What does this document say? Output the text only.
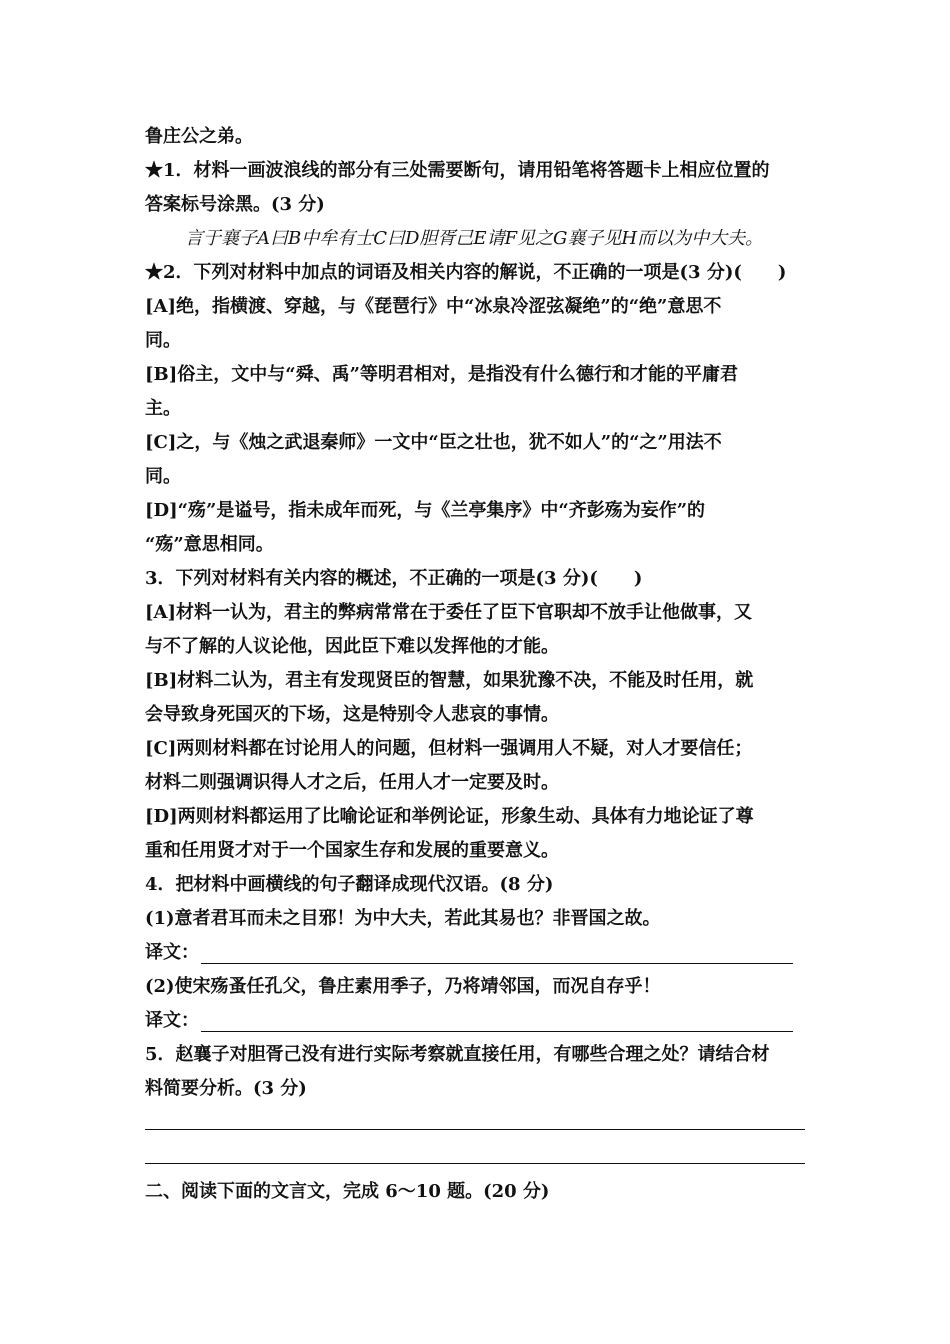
鲁庄公之弟。
★1．材料一画波浪线的部分有三处需要断句，请用铅笔将答题卡上相应位置的
答案标号涂黑。(3 分)
言于襄子A曰B中牟有士C曰D胆胥己E请F见之G襄子见H而以为中大夫。
★2．下列对材料中加点的词语及相关内容的解说，不正确的一项是(3 分)(　　)
[A]绝，指横渡、穿越，与《琵琶行》中“冰泉冷涩弦凝绝”的“绝”意思不
同。
[B]俗主，文中与“舜、禹”等明君相对，是指没有什么德行和才能的平庸君
主。
[C]之，与《烛之武退秦师》一文中“臣之壮也，犹不如人”的“之”用法不
同。
[D]“殇”是谥号，指未成年而死，与《兰亭集序》中“齐彭殇为妄作”的
“殇”意思相同。
3．下列对材料有关内容的概述，不正确的一项是(3 分)(　　)
[A]材料一认为，君主的弊病常常在于委任了臣下官职却不放手让他做事，又
与不了解的人议论他，因此臣下难以发挥他的才能。
[B]材料二认为，君主有发现贤臣的智慧，如果犹豫不决，不能及时任用，就
会导致身死国灭的下场，这是特别令人悲哀的事情。
[C]两则材料都在讨论用人的问题，但材料一强调用人不疑，对人才要信任；
材料二则强调识得人才之后，任用人才一定要及时。
[D]两则材料都运用了比喻论证和举例论证，形象生动、具体有力地论证了尊
重和任用贤才对于一个国家生存和发展的重要意义。
4．把材料中画横线的句子翻译成现代汉语。(8 分)
(1)意者君耳而未之目邪！为中大夫，若此其易也？非晋国之故。
译文：
(2)使宋殇蚤任孔父，鲁庄素用季子，乃将靖邻国，而况自存乎！
译文：
5．赵襄子对胆胥己没有进行实际考察就直接任用，有哪些合理之处？请结合材
料简要分析。(3 分)
二、阅读下面的文言文，完成 6～10 题。(20 分)
